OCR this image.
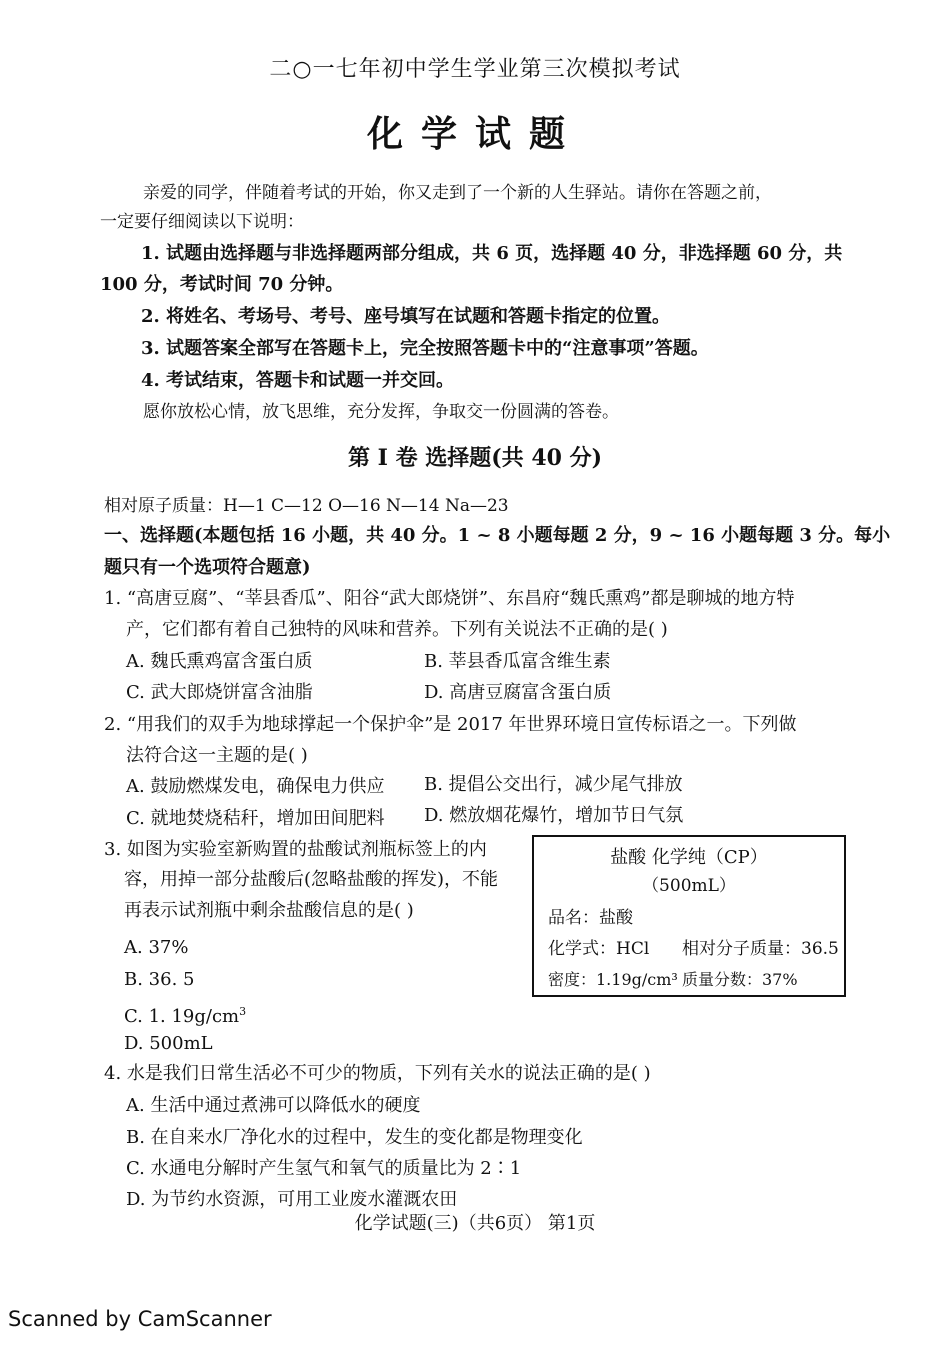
二○一七年初中学生学业第三次模拟考试
化学试题
亲爱的同学，伴随着考试的开始，你又走到了一个新的人生驿站。请你在答题之前，
一定要仔细阅读以下说明：
1. 试题由选择题与非选择题两部分组成，共 6 页，选择题 40 分，非选择题 60 分，共
100 分，考试时间 70 分钟。
2. 将姓名、考场号、考号、座号填写在试题和答题卡指定的位置。
3. 试题答案全部写在答题卡上，完全按照答题卡中的“注意事项”答题。
4. 考试结束，答题卡和试题一并交回。
愿你放松心情，放飞思维，充分发挥，争取交一份圆满的答卷。
第 Ⅰ 卷 选择题(共 40 分)
相对原子质量：H—1 C—12 O—16 N—14 Na—23
一、选择题(本题包括 16 小题，共 40 分。1 ~ 8 小题每题 2 分，9 ~ 16 小题每题 3 分。每小
题只有一个选项符合题意)
1. “高唐豆腐”、“莘县香瓜”、阳谷“武大郎烧饼”、东昌府“魏氏熏鸡”都是聊城的地方特
产，它们都有着自己独特的风味和营养。下列有关说法不正确的是( )
A. 魏氏熏鸡富含蛋白质	B. 莘县香瓜富含维生素
C. 武大郎烧饼富含油脂	D. 高唐豆腐富含蛋白质
2. “用我们的双手为地球撑起一个保护伞”是 2017 年世界环境日宣传标语之一。下列做
法符合这一主题的是( )
A. 鼓励燃煤发电，确保电力供应 B. 提倡公交出行，减少尾气排放
C. 就地焚烧秸秆，增加田间肥料 D. 燃放烟花爆竹，增加节日气氛
3. 如图为实验室新购置的盐酸试剂瓶标签上的内
容，用掉一部分盐酸后(忽略盐酸的挥发)，不能
再表示试剂瓶中剩余盐酸信息的是( )
A. 37%
B. 36. 5
C. 1. $19g/cm^3$
D. 500mL
盐酸 化学纯（CP）
（500mL）
品名：盐酸
化学式：HCl 相对分子质量：36.5
密度：1.19g/cm³ 质量分数：37%
4. 水是我们日常生活必不可少的物质，下列有关水的说法正确的是( )
A. 生活中通过煮沸可以降低水的硬度
B. 在自来水厂净化水的过程中，发生的变化都是物理变化
C. 水通电分解时产生氢气和氧气的质量比为 2∶1
D. 为节约水资源，可用工业废水灌溉农田
化学试题(三)（共6页） 第1页
Scanned by CamScanner
